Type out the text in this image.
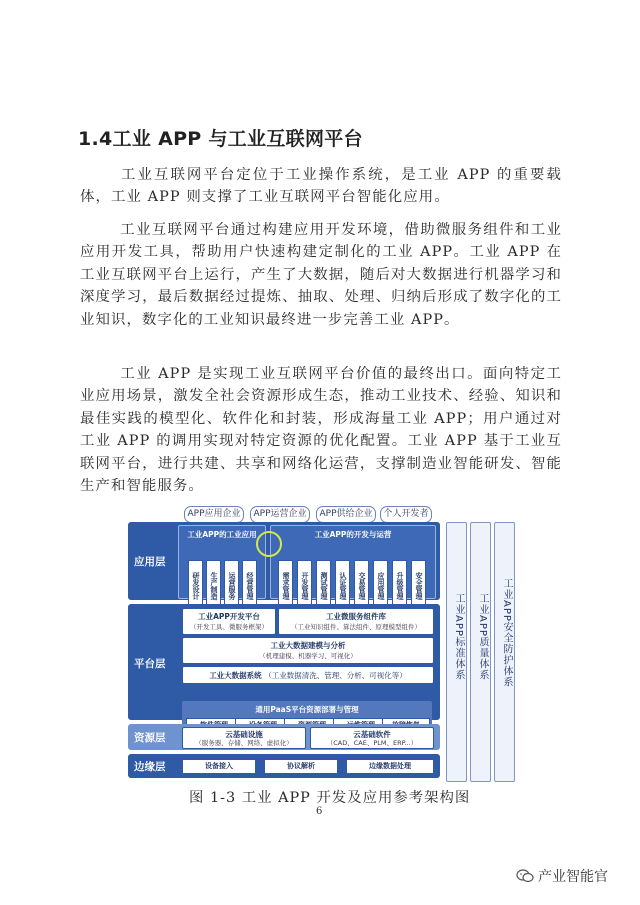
1.4工业 APP 与工业互联网平台

工业互联网平台定位于工业操作系统，是工业 APP 的重要载体，工业 APP 则支撑了工业互联网平台智能化应用。

工业互联网平台通过构建应用开发环境，借助微服务组件和工业应用开发工具，帮助用户快速构建定制化的工业 APP。工业 APP 在工业互联网平台上运行，产生了大数据，随后对大数据进行机器学习和深度学习，最后数据经过提炼、抽取、处理、归纳后形成了数字化的工业知识，数字化的工业知识最终进一步完善工业 APP。

工业 APP 是实现工业互联网平台价值的最终出口。面向特定工业应用场景，激发全社会资源形成生态，推动工业技术、经验、知识和最佳实践的模型化、软件化和封装，形成海量工业 APP；用户通过对工业 APP 的调用实现对特定资源的优化配置。工业 APP 基于工业互联网平台，进行共建、共享和网络化运营，支撑制造业智能研发、智能生产和智能服务。

APP应用企业	APP运营企业	APP供给企业	个人开发者
应用层
工业APP的工业应用
研发设计	生产制造	运营服务	经营管理
工业APP的开发与运营
需求管理	开发管理	测试管理	认证管理	交易管理	应用管理	升级管理	安全管理
平台层
工业APP开发平台
（开发工具、微服务框架）
工业微服务组件库
（工业知识组件、算法组件、原理模型组件）
工业大数据建模与分析
（机理建模、机器学习、可视化）
工业大数据系统 （工业数据清洗、管理、分析、可视化等）
通用PaaS平台资源部署与管理
资源层	云基础设施
（服务器、存储、网络、虚拟化）
云基础软件
（CAD、CAE、PLM、ERP...）
边缘层	设备接入	协议解析	边缘数据处理
工业APP标准体系	工业APP质量体系	工业APP安全防护体系
图 1-3 工业 APP 开发及应用参考架构图
6
产业智能官
